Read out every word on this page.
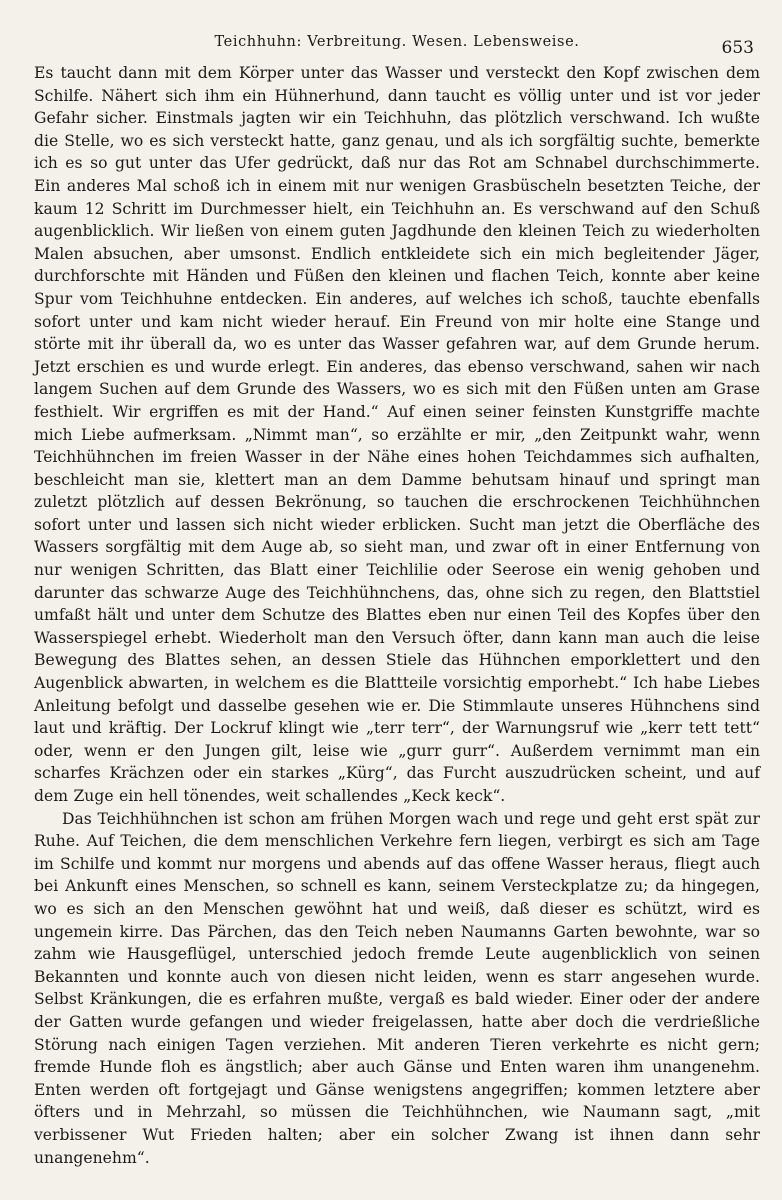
Teichhuhn: Verbreitung. Wesen. Lebensweise.	653

Es taucht dann mit dem Körper unter das Wasser und versteckt den Kopf zwischen dem Schilfe. Nähert sich ihm ein Hühnerhund, dann taucht es völlig unter und ist vor jeder Gefahr sicher. Einstmals jagten wir ein Teichhuhn, das plötzlich verschwand. Ich wußte die Stelle, wo es sich versteckt hatte, ganz genau, und als ich sorgfältig suchte, bemerkte ich es so gut unter das Ufer gedrückt, daß nur das Rot am Schnabel durchschimmerte. Ein anderes Mal schoß ich in einem mit nur wenigen Grasbüscheln besetzten Teiche, der kaum 12 Schritt im Durchmesser hielt, ein Teichhuhn an. Es verschwand auf den Schuß augenblicklich. Wir ließen von einem guten Jagdhunde den kleinen Teich zu wiederholten Malen absuchen, aber umsonst. Endlich entkleidete sich ein mich begleitender Jäger, durchforschte mit Händen und Füßen den kleinen und flachen Teich, konnte aber keine Spur vom Teichhuhne entdecken. Ein anderes, auf welches ich schoß, tauchte ebenfalls sofort unter und kam nicht wieder herauf. Ein Freund von mir holte eine Stange und störte mit ihr überall da, wo es unter das Wasser gefahren war, auf dem Grunde herum. Jetzt erschien es und wurde erlegt. Ein anderes, das ebenso verschwand, sahen wir nach langem Suchen auf dem Grunde des Wassers, wo es sich mit den Füßen unten am Grase festhielt. Wir ergriffen es mit der Hand.“ Auf einen seiner feinsten Kunstgriffe machte mich Liebe aufmerksam. „Nimmt man“, so erzählte er mir, „den Zeitpunkt wahr, wenn Teichhühnchen im freien Wasser in der Nähe eines hohen Teichdammes sich aufhalten, beschleicht man sie, klettert man an dem Damme behutsam hinauf und springt man zuletzt plötzlich auf dessen Bekrönung, so tauchen die erschrockenen Teichhühnchen sofort unter und lassen sich nicht wieder erblicken. Sucht man jetzt die Oberfläche des Wassers sorgfältig mit dem Auge ab, so sieht man, und zwar oft in einer Entfernung von nur wenigen Schritten, das Blatt einer Teichlilie oder Seerose ein wenig gehoben und darunter das schwarze Auge des Teichhühnchens, das, ohne sich zu regen, den Blattstiel umfaßt hält und unter dem Schutze des Blattes eben nur einen Teil des Kopfes über den Wasserspiegel erhebt. Wiederholt man den Versuch öfter, dann kann man auch die leise Bewegung des Blattes sehen, an dessen Stiele das Hühnchen emporklettert und den Augenblick abwarten, in welchem es die Blattteile vorsichtig emporhebt.“ Ich habe Liebes Anleitung befolgt und dasselbe gesehen wie er. Die Stimmlaute unseres Hühnchens sind laut und kräftig. Der Lockruf klingt wie „terr terr“, der Warnungsruf wie „kerr tett tett“ oder, wenn er den Jungen gilt, leise wie „gurr gurr“. Außerdem vernimmt man ein scharfes Krächzen oder ein starkes „Kürg“, das Furcht auszudrücken scheint, und auf dem Zuge ein hell tönendes, weit schallendes „Keck keck“.

Das Teichhühnchen ist schon am frühen Morgen wach und rege und geht erst spät zur Ruhe. Auf Teichen, die dem menschlichen Verkehre fern liegen, verbirgt es sich am Tage im Schilfe und kommt nur morgens und abends auf das offene Wasser heraus, fliegt auch bei Ankunft eines Menschen, so schnell es kann, seinem Versteckplatze zu; da hingegen, wo es sich an den Menschen gewöhnt hat und weiß, daß dieser es schützt, wird es ungemein kirre. Das Pärchen, das den Teich neben Naumanns Garten bewohnte, war so zahm wie Hausgeflügel, unterschied jedoch fremde Leute augenblicklich von seinen Bekannten und konnte auch von diesen nicht leiden, wenn es starr angesehen wurde. Selbst Kränkungen, die es erfahren mußte, vergaß es bald wieder. Einer oder der andere der Gatten wurde gefangen und wieder freigelassen, hatte aber doch die verdrießliche Störung nach einigen Tagen verziehen. Mit anderen Tieren verkehrte es nicht gern; fremde Hunde floh es ängstlich; aber auch Gänse und Enten waren ihm unangenehm. Enten werden oft fortgejagt und Gänse wenigstens angegriffen; kommen letztere aber öfters und in Mehrzahl, so müssen die Teichhühnchen, wie Naumann sagt, „mit verbissener Wut Frieden halten; aber ein solcher Zwang ist ihnen dann sehr unangenehm“.
